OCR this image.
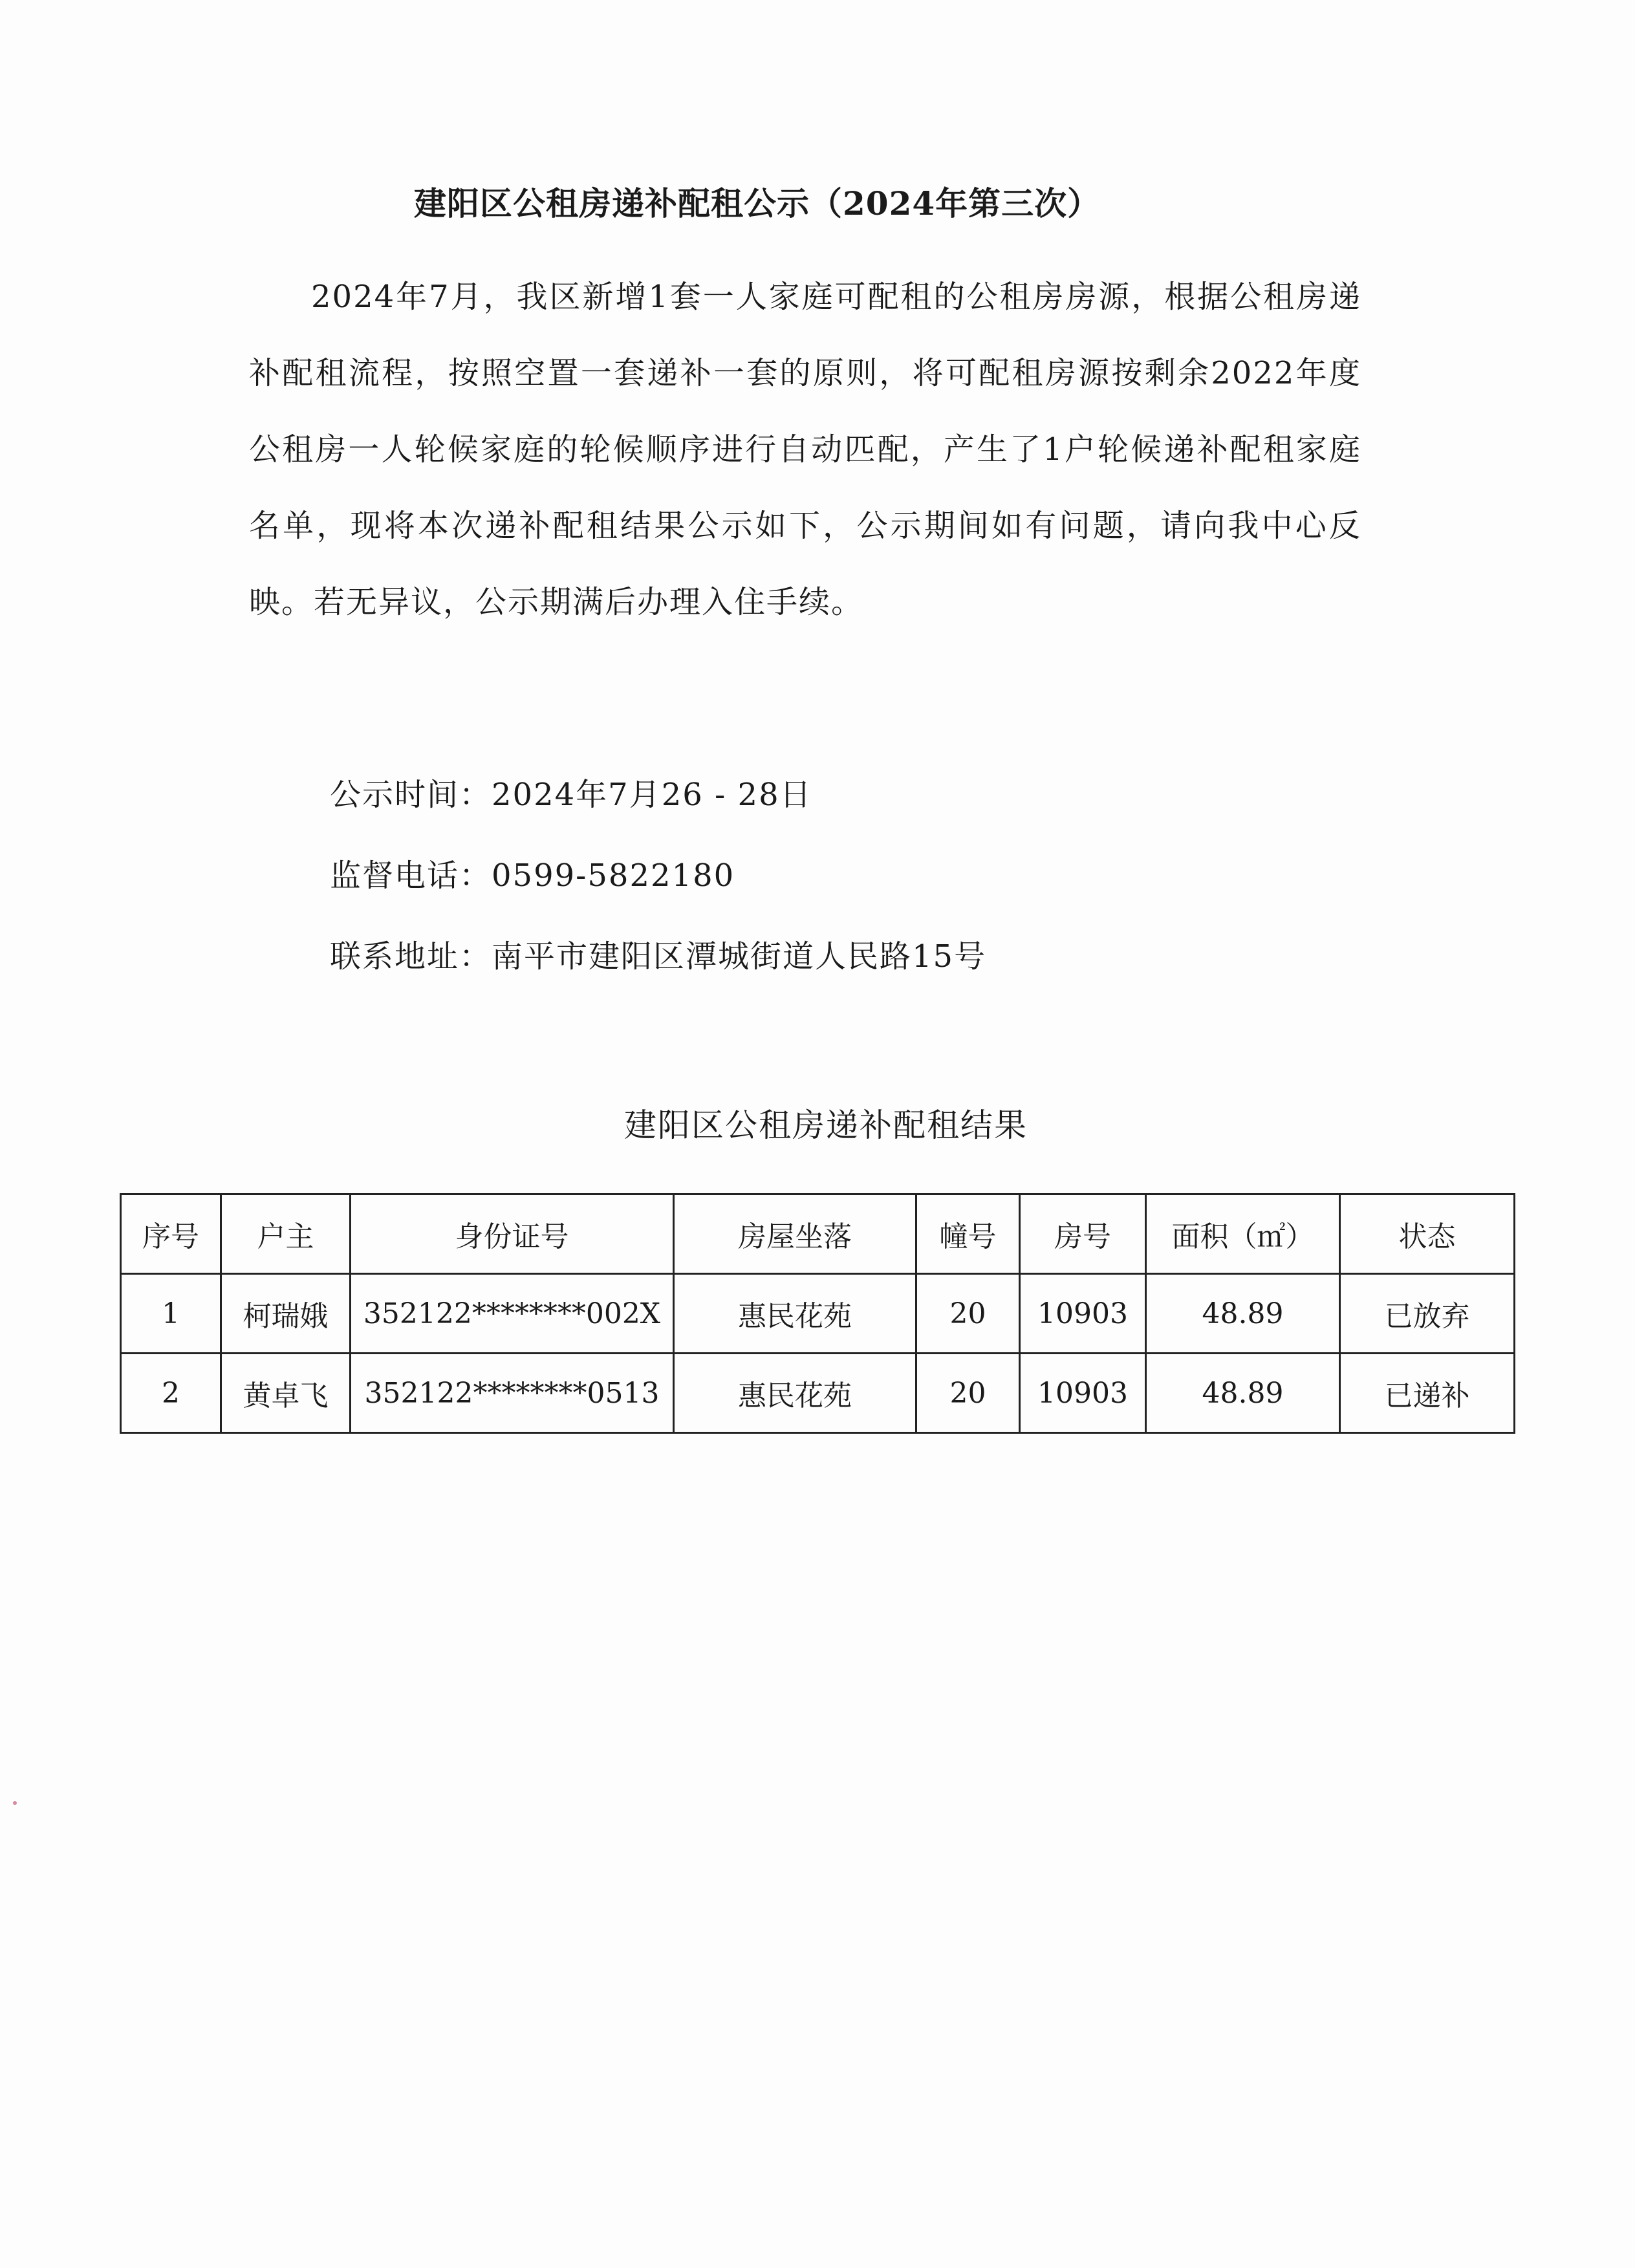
建阳区公租房递补配租公示（2024年第三次）

2024年7月，我区新增1套一人家庭可配租的公租房房源，根据公租房递补配租流程，按照空置一套递补一套的原则，将可配租房源按剩余2022年度公租房一人轮候家庭的轮候顺序进行自动匹配，产生了1户轮候递补配租家庭名单，现将本次递补配租结果公示如下，公示期间如有问题，请向我中心反映。若无异议，公示期满后办理入住手续。

公示时间：2024年7月26 - 28日
监督电话：0599-5822180
联系地址：南平市建阳区潭城街道人民路15号
建阳区公租房递补配租结果
序号	户主	身份证号	房屋坐落	幢号	房号	面积（㎡）	状态
1	柯瑞娥	352122********002X	惠民花苑	20	10903	48.89	已放弃
2	黄卓飞	352122********0513	惠民花苑	20	10903	48.89	已递补
